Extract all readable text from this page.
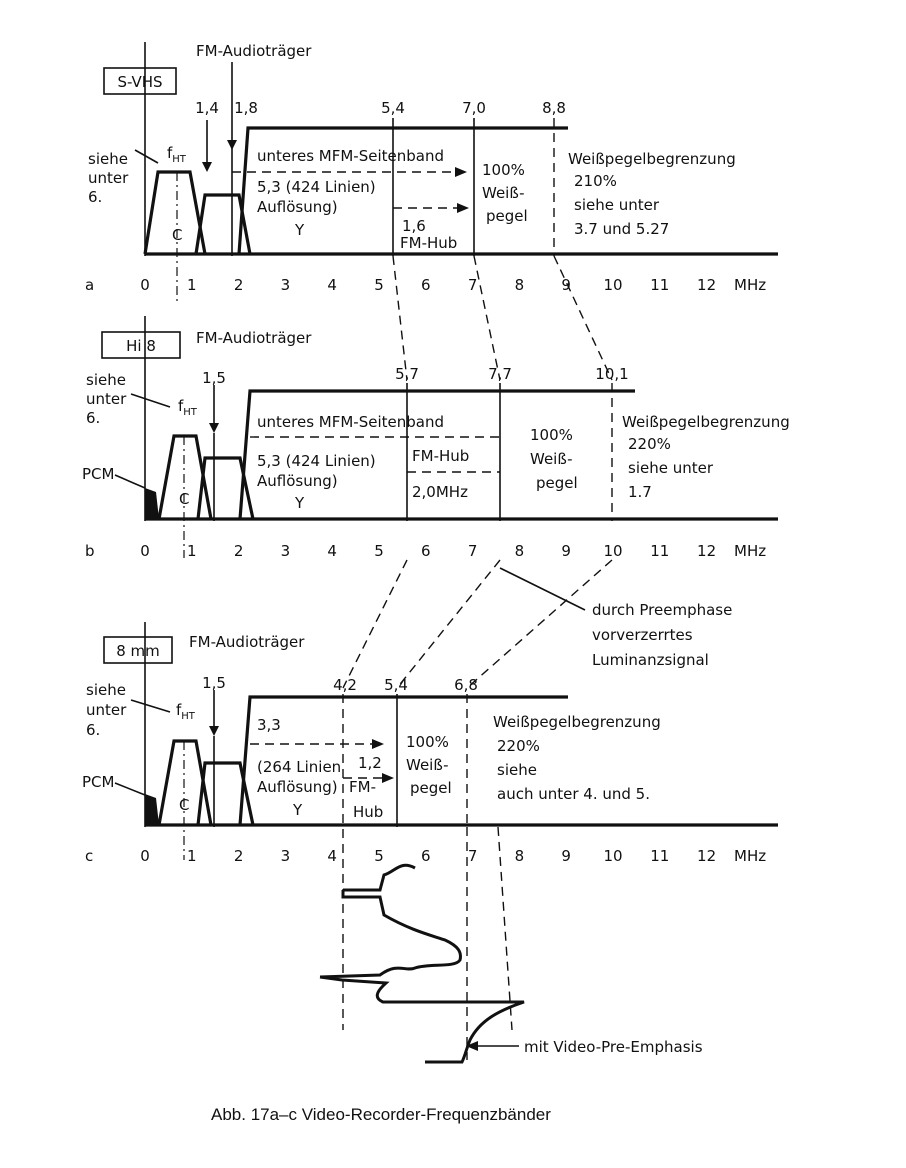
S-VHS
FM-Audioträger
1,4 1,8	5,4	7,0	8,8
siehe
unter
6.
$f_{HT}$
C
unteres MFM-Seitenband
5,3 (424 Linien)
Auflösung)
Y	1,6
FM-Hub
100%
Weiß-
pegel
Weißpegelbegrenzung
210%
siehe unter
3.7 und 5.27
a	0 1 2 3 4 5 6 7 8 9 10 11 12 MHz
Hi 8	FM-Audioträger
1,5	5,7	7,7	10,1
siehe
unter
6.
$f_{HT}$
PCM
C
unteres MFM-Seitenband
5,3 (424 Linien)
Auflösung)
Y
FM-Hub
2,0MHz
100%
Weiß-
pegel
Weißpegelbegrenzung
220%
siehe unter
1.7
b	0 1 2 3 4 5 6 7 8 9 10 11 12 MHz
durch Preemphase
vorverzerrtes
Luminanzsignal
8 mm FM-Audioträger
1,5	4,2 5,4	6,8
siehe
unter
6.
$f_{HT}$
PCM
C
3,3
(264 Linien
Auflösung)
Y
1,2
FM-
Hub
100%
Weiß-
pegel
Weißpegelbegrenzung
220%
siehe
auch unter 4. und 5.
c	0 1 2 3 4 5 6 7 8 9 10 11 12 MHz
mit Video-Pre-Emphasis
Abb. 17a–c Video-Recorder-Frequenzbänder
